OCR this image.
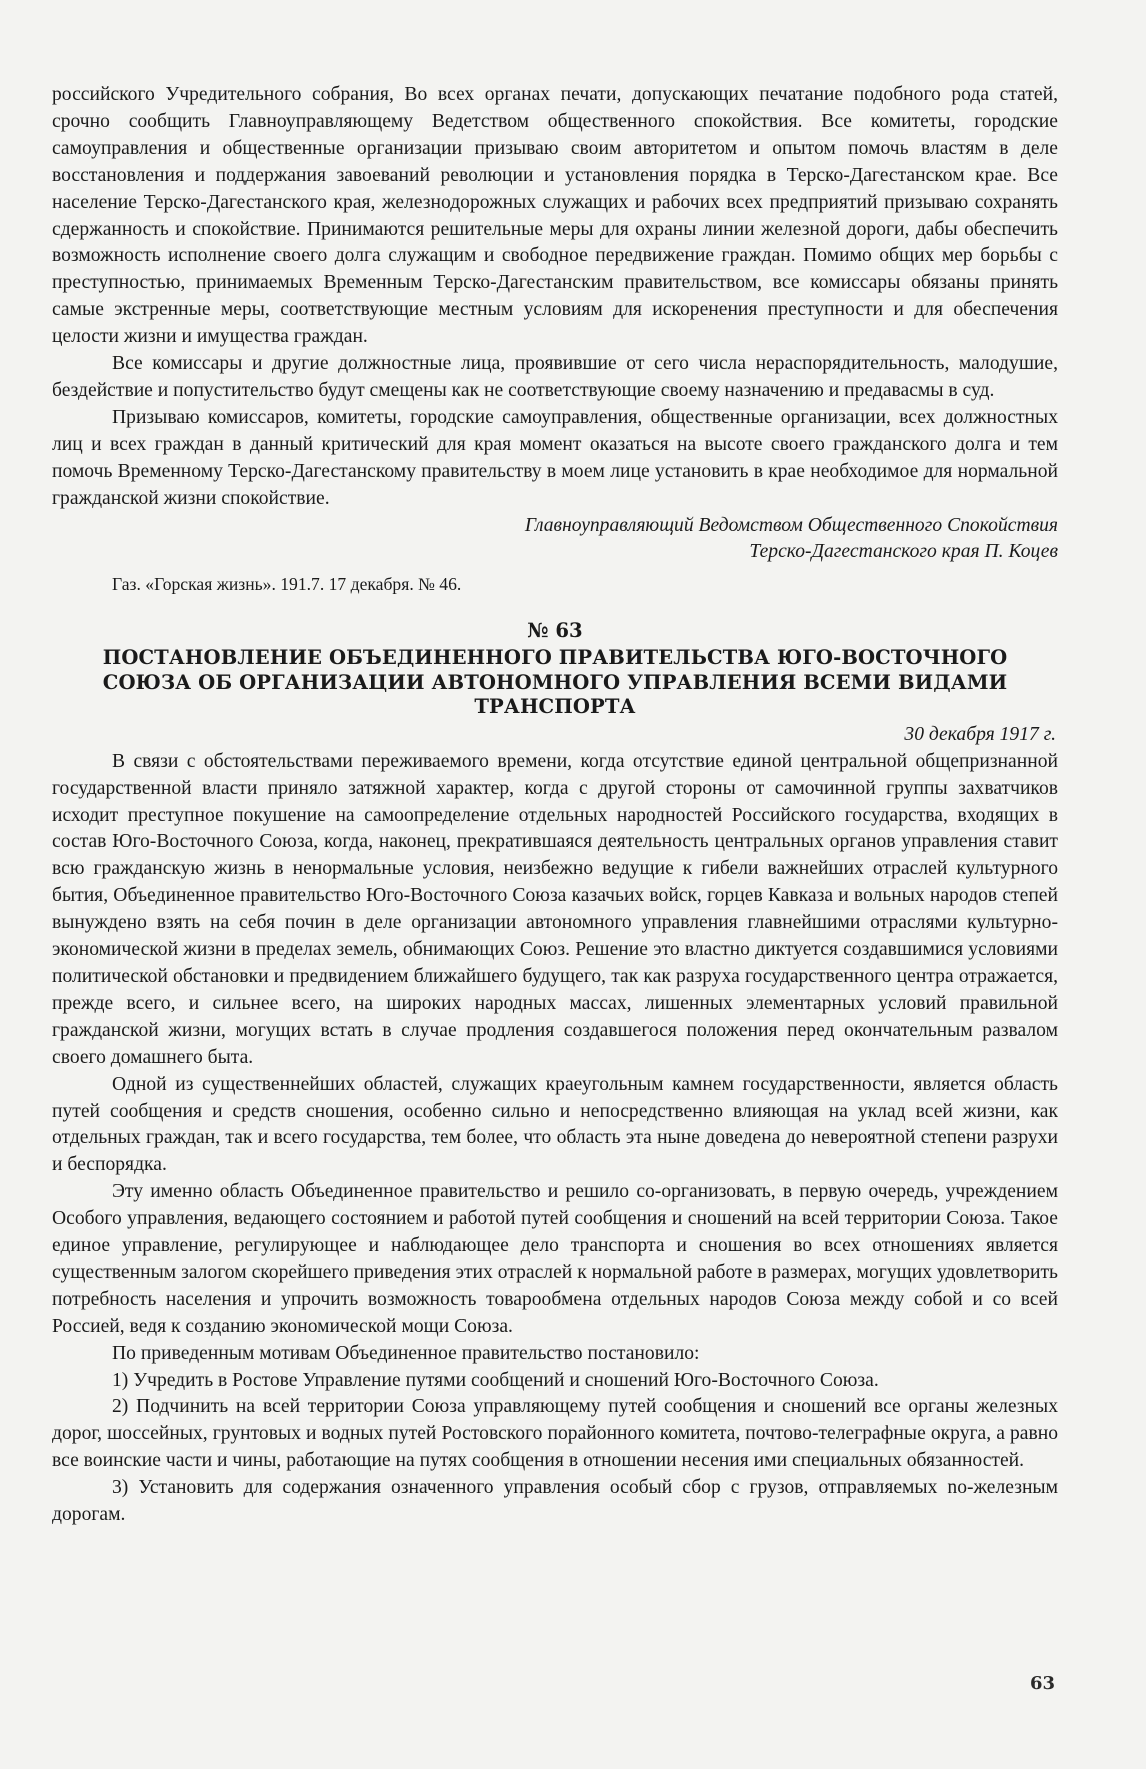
российского Учредительного собрания, Во всех органах печати, допускающих печатание подобного рода статей, срочно сообщить Главноуправляющему Ведетством общественного спокойствия. Все комитеты, городские самоуправления и общественные организации призываю своим авторитетом и опытом помочь властям в деле восстановления и поддержания завоеваний революции и установления порядка в Терско-Дагестанском крае. Все население Терско-Дагестанского края, железнодорожных служащих и рабочих всех предприятий призываю сохранять сдержанность и спокойствие. Принимаются решительные меры для охраны линии железной дороги, дабы обеспечить возможность исполнение своего долга служащим и свободное передвижение граждан. Помимо общих мер борьбы с преступностью, принимаемых Временным Терско-Дагестанским правительством, все комиссары обязаны принять самые экстренные меры, соответствующие местным условиям для искоренения преступности и для обеспечения целости жизни и имущества граждан.

Все комиссары и другие должностные лица, проявившие от сего числа нераспорядительность, малодушие, бездействие и попустительство будут смещены как не соответствующие своему назначению и предавасмы в суд.

Призываю комиссаров, комитеты, городские самоуправления, общественные организации, всех должностных лиц и всех граждан в данный критический для края момент оказаться на высоте своего гражданского долга и тем помочь Временному Терско-Дагестанскому правительству в моем лице установить в крае необходимое для нормальной гражданской жизни спокойствие.

Главноуправляющий Ведомством Общественного Спокойствия

Терско-Дагестанского края П. Коцев

Газ. «Горская жизнь». 191.7. 17 декабря. № 46.

№ 63

ПОСТАНОВЛЕНИЕ ОБЪЕДИНЕННОГО ПРАВИТЕЛЬСТВА ЮГО-ВОСТОЧНОГО СОЮЗА ОБ ОРГАНИЗАЦИИ АВТОНОМНОГО УПРАВЛЕНИЯ ВСЕМИ ВИДАМИ ТРАНСПОРТА

30 декабря 1917 г.

В связи с обстоятельствами переживаемого времени, когда отсутствие единой центральной общепризнанной государственной власти приняло затяжной характер, когда с другой стороны от самочинной группы захватчиков исходит преступное покушение на самоопределение отдельных народностей Российского государства, входящих в состав Юго-Восточного Союза, когда, наконец, прекратившаяся деятельность центральных органов управления ставит всю гражданскую жизнь в ненормальные условия, неизбежно ведущие к гибели важнейших отраслей культурного бытия, Объединенное правительство Юго-Восточного Союза казачьих войск, горцев Кавказа и вольных народов степей вынуждено взять на себя почин в деле организации автономного управления главнейшими отраслями культурно-экономической жизни в пределах земель, обнимающих Союз. Решение это властно диктуется создавшимися условиями политической обстановки и предвидением ближайшего будущего, так как разруха государственного центра отражается, прежде всего, и сильнее всего, на широких народных массах, лишенных элементарных условий правильной гражданской жизни, могущих встать в случае продления создавшегося положения перед окончательным развалом своего домашнего быта.

Одной из существеннейших областей, служащих краеугольным камнем государственности, является область путей сообщения и средств сношения, особенно сильно и непосредственно влияющая на уклад всей жизни, как отдельных граждан, так и всего государства, тем более, что область эта ныне доведена до невероятной степени разрухи и беспорядка.

Эту именно область Объединенное правительство и решило со-организовать, в первую очередь, учреждением Особого управления, ведающего состоянием и работой путей сообщения и сношений на всей территории Союза. Такое единое управление, регулирующее и наблюдающее дело транспорта и сношения во всех отношениях является существенным залогом скорейшего приведения этих отраслей к нормальной работе в размерах, могущих удовлетворить потребность населения и упрочить возможность товарообмена отдельных народов Союза между собой и со всей Россией, ведя к созданию экономической мощи Союза.

По приведенным мотивам Объединенное правительство постановило:

1) Учредить в Ростове Управление путями сообщений и сношений Юго-Восточного Союза.

2) Подчинить на всей территории Союза управляющему путей сообщения и сношений все органы железных дорог, шоссейных, грунтовых и водных путей Ростовского порайонного комитета, почтово-телеграфные округа, а равно все воинские части и чины, работающие на путях сообщения в отношении несения ими специальных обязанностей.

3) Установить для содержания означенного управления особый сбор с грузов, отправляемых no-железным дорогам.

63
